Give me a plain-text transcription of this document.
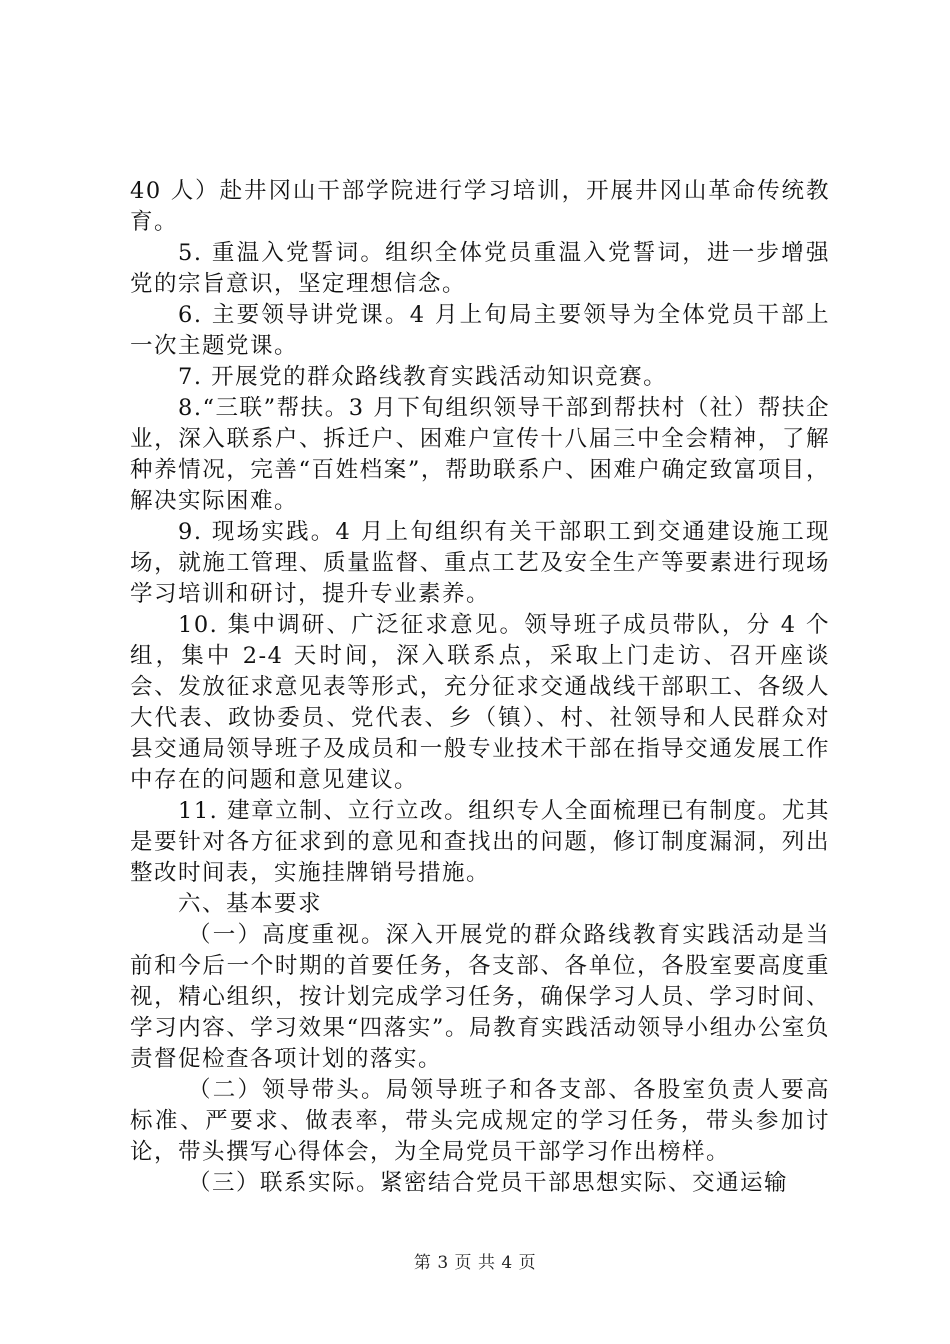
40 人）赴井冈山干部学院进行学习培训，开展井冈山革命传统教育。

5. 重温入党誓词。组织全体党员重温入党誓词，进一步增强党的宗旨意识，坚定理想信念。

6. 主要领导讲党课。4 月上旬局主要领导为全体党员干部上一次主题党课。

7. 开展党的群众路线教育实践活动知识竞赛。

8.“三联”帮扶。3 月下旬组织领导干部到帮扶村（社）帮扶企业，深入联系户、拆迁户、困难户宣传十八届三中全会精神，了解种养情况，完善“百姓档案”，帮助联系户、困难户确定致富项目，解决实际困难。

9. 现场实践。4 月上旬组织有关干部职工到交通建设施工现场，就施工管理、质量监督、重点工艺及安全生产等要素进行现场学习培训和研讨，提升专业素养。

10. 集中调研、广泛征求意见。领导班子成员带队，分 4 个组，集中 2-4 天时间，深入联系点，采取上门走访、召开座谈会、发放征求意见表等形式，充分征求交通战线干部职工、各级人大代表、政协委员、党代表、乡（镇）、村、社领导和人民群众对县交通局领导班子及成员和一般专业技术干部在指导交通发展工作中存在的问题和意见建议。

11. 建章立制、立行立改。组织专人全面梳理已有制度。尤其是要针对各方征求到的意见和查找出的问题，修订制度漏洞，列出整改时间表，实施挂牌销号措施。

六、基本要求

（一）高度重视。深入开展党的群众路线教育实践活动是当前和今后一个时期的首要任务，各支部、各单位，各股室要高度重视，精心组织，按计划完成学习任务，确保学习人员、学习时间、学习内容、学习效果“四落实”。局教育实践活动领导小组办公室负责督促检查各项计划的落实。

（二）领导带头。局领导班子和各支部、各股室负责人要高标准、严要求、做表率，带头完成规定的学习任务，带头参加讨论，带头撰写心得体会，为全局党员干部学习作出榜样。

（三）联系实际。紧密结合党员干部思想实际、交通运输

第 3 页 共 4 页
